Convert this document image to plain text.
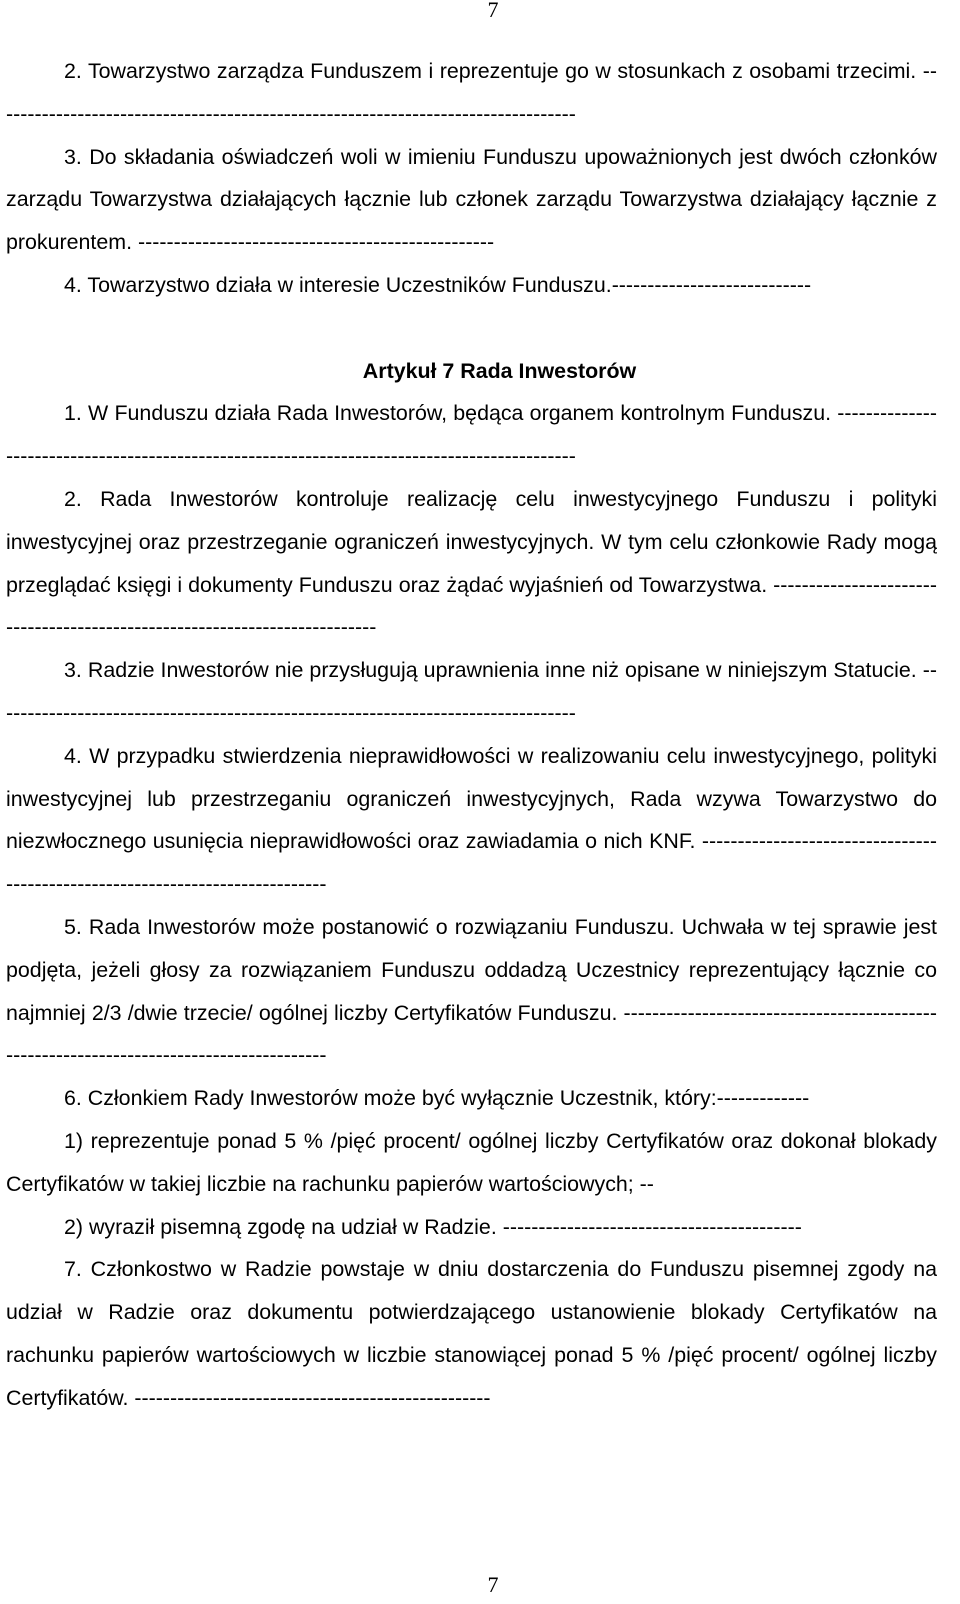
7

2. Towarzystwo zarządza Funduszem i reprezentuje go w stosunkach z osobami trzecimi. ----------------------------------------------------------------------------------

3. Do składania oświadczeń woli w imieniu Funduszu upoważnionych jest dwóch członków zarządu Towarzystwa działających łącznie lub członek zarządu Towarzystwa działający łącznie z prokurentem. --------------------------------------------------

4. Towarzystwo działa w interesie Uczestników Funduszu.----------------------------

Artykuł 7 Rada Inwestorów

1. W Funduszu działa Rada Inwestorów, będąca organem kontrolnym Funduszu. ----------------------------------------------------------------------------------------------

2. Rada Inwestorów kontroluje realizację celu inwestycyjnego Funduszu i polityki inwestycyjnej oraz przestrzeganie ograniczeń inwestycyjnych. W tym celu członkowie Rady mogą przeglądać księgi i dokumenty Funduszu oraz żądać wyjaśnień od Towarzystwa. ---------------------------------------------------------------------------

3. Radzie Inwestorów nie przysługują uprawnienia inne niż opisane w niniejszym Statucie. ----------------------------------------------------------------------------------

4. W przypadku stwierdzenia nieprawidłowości w realizowaniu celu inwestycyjnego, polityki inwestycyjnej lub przestrzeganiu ograniczeń inwestycyjnych, Rada wzywa Towarzystwo do niezwłocznego usunięcia nieprawidłowości oraz zawiadamia o nich KNF. ------------------------------------------------------------------------------

5. Rada Inwestorów może postanowić o rozwiązaniu Funduszu. Uchwała w tej sprawie jest podjęta, jeżeli głosy za rozwiązaniem Funduszu oddadzą Uczestnicy reprezentujący łącznie co najmniej 2/3 /dwie trzecie/ ogólnej liczby Certyfikatów Funduszu. -----------------------------------------------------------------------------------------

6. Członkiem Rady Inwestorów może być wyłącznie Uczestnik, który:-------------

1) reprezentuje ponad 5 % /pięć procent/ ogólnej liczby Certyfikatów oraz dokonał blokady Certyfikatów w takiej liczbie na rachunku papierów wartościowych; --

2) wyraził pisemną zgodę na udział w Radzie. ------------------------------------------

7. Członkostwo w Radzie powstaje w dniu dostarczenia do Funduszu pisemnej zgody na udział w Radzie oraz dokumentu potwierdzającego ustanowienie blokady Certyfikatów na rachunku papierów wartościowych w liczbie stanowiącej ponad 5 % /pięć procent/ ogólnej liczby Certyfikatów. --------------------------------------------------

7
